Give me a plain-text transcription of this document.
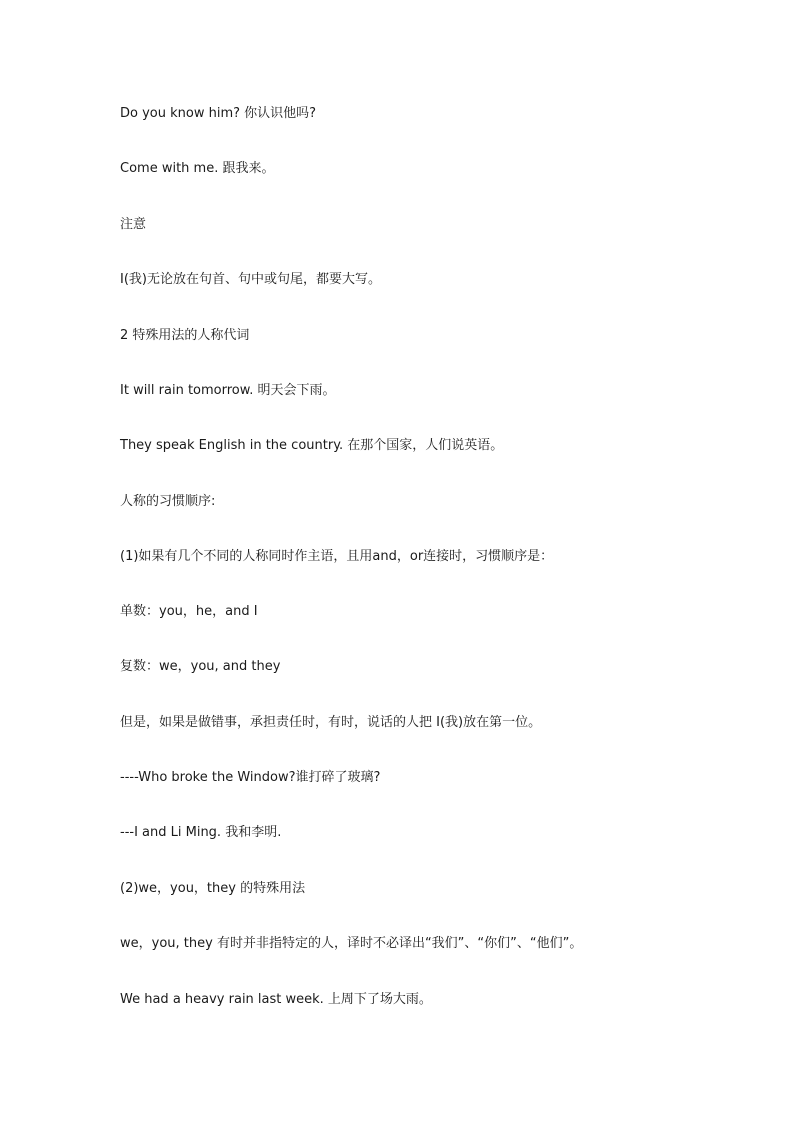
Do you know him? 你认识他吗?

Come with me. 跟我来。

注意

I(我)无论放在句首、句中或句尾，都要大写。

2 特殊用法的人称代词

It will rain tomorrow. 明天会下雨。

They speak English in the country. 在那个国家，人们说英语。

人称的习惯顺序:

(1)如果有几个不同的人称同时作主语，且用and，or连接时，习惯顺序是：

单数：you，he，and I

复数：we，you, and they

但是，如果是做错事，承担责任时，有时，说话的人把 I(我)放在第一位。

----Who broke the Window?谁打碎了玻璃?

---I and Li Ming. 我和李明.

(2)we，you，they 的特殊用法

we，you, they 有时并非指特定的人，译时不必译出“我们”、“你们”、“他们”。

We had a heavy rain last week. 上周下了场大雨。
